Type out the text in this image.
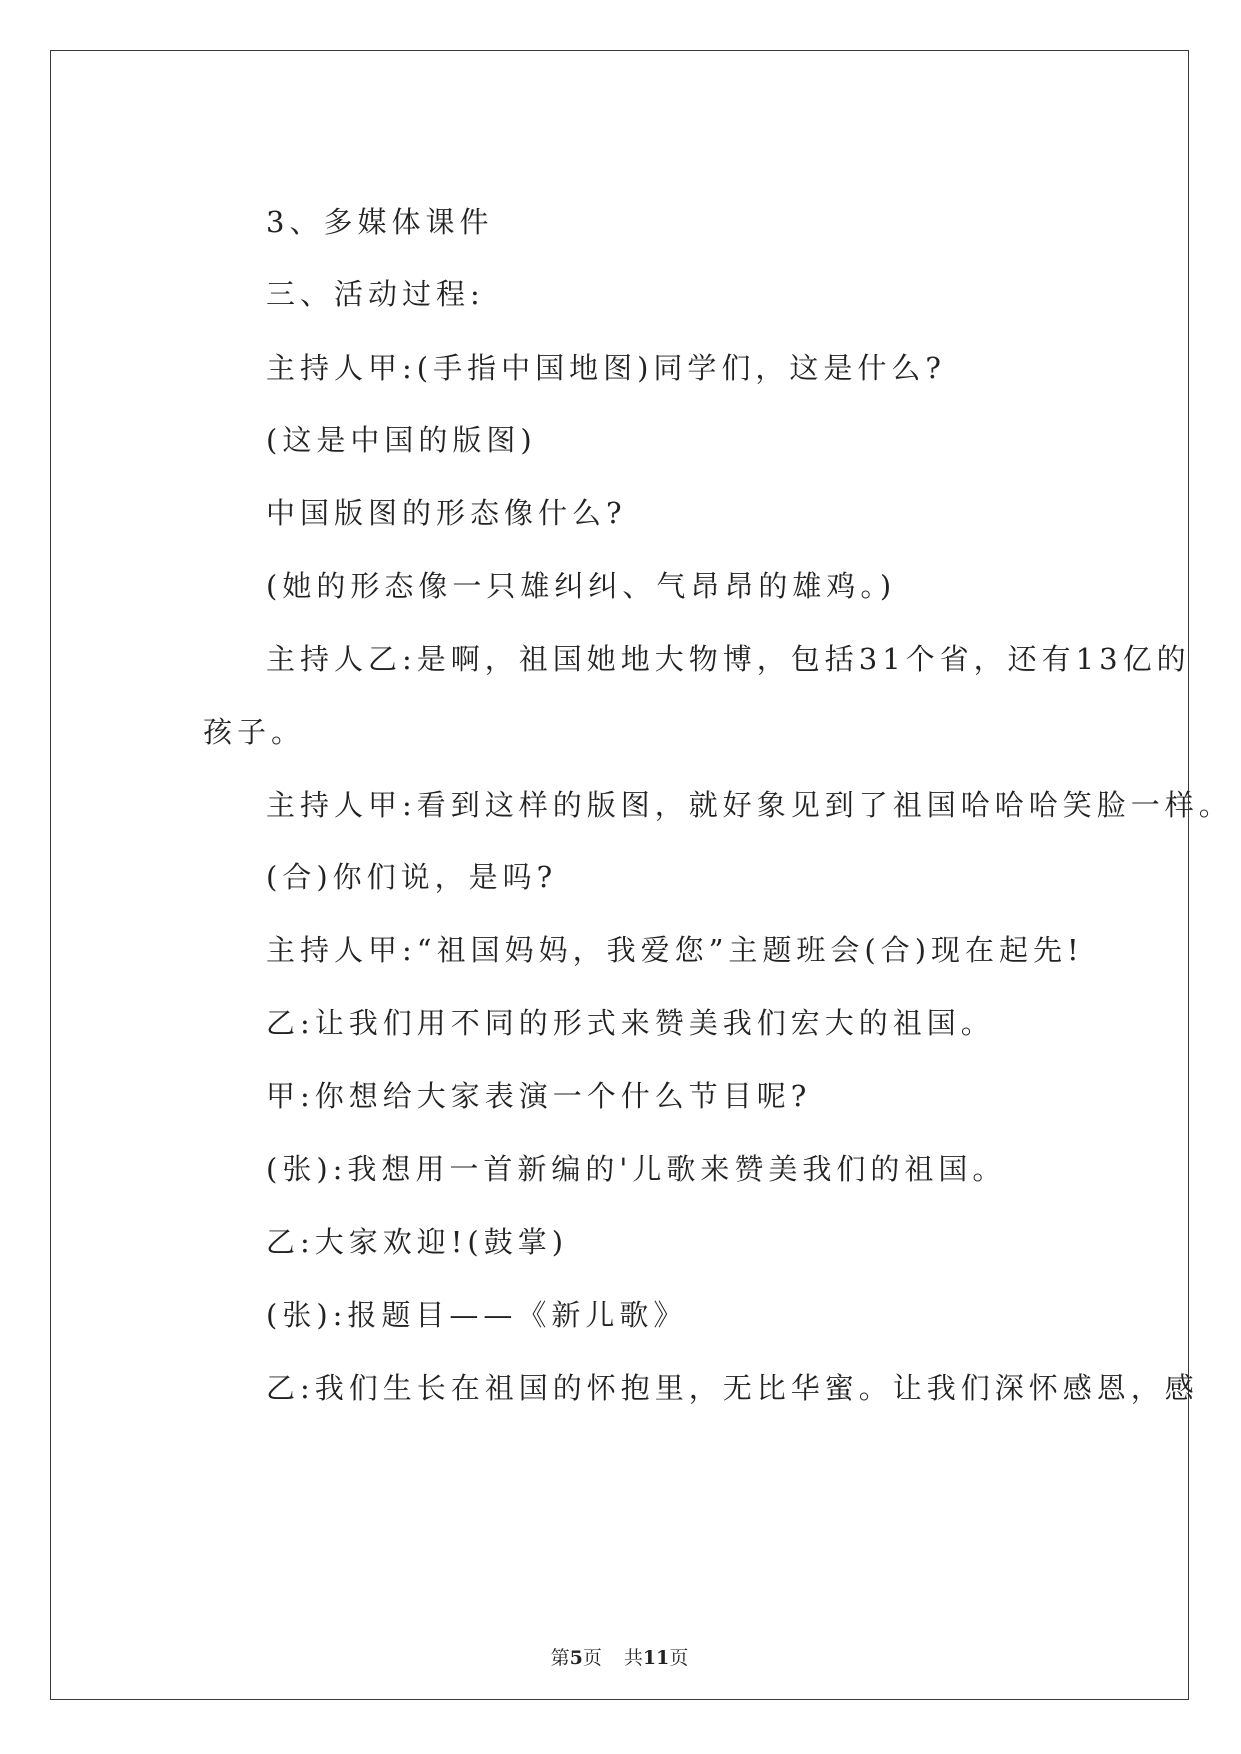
3、多媒体课件

三、活动过程:

主持人甲:(手指中国地图)同学们，这是什么?

(这是中国的版图)

中国版图的形态像什么?

(她的形态像一只雄纠纠、气昂昂的雄鸡。)

主持人乙:是啊，祖国她地大物博，包括31个省，还有13亿的

孩子。

主持人甲:看到这样的版图，就好象见到了祖国哈哈哈笑脸一样。

(合)你们说，是吗?

主持人甲:“祖国妈妈，我爱您”主题班会(合)现在起先!

乙:让我们用不同的形式来赞美我们宏大的祖国。

甲:你想给大家表演一个什么节目呢?

(张):我想用一首新编的'儿歌来赞美我们的祖国。

乙:大家欢迎!(鼓掌)

(张):报题目——《新儿歌》

乙:我们生长在祖国的怀抱里，无比华蜜。让我们深怀感恩，感

第5页 共11页
